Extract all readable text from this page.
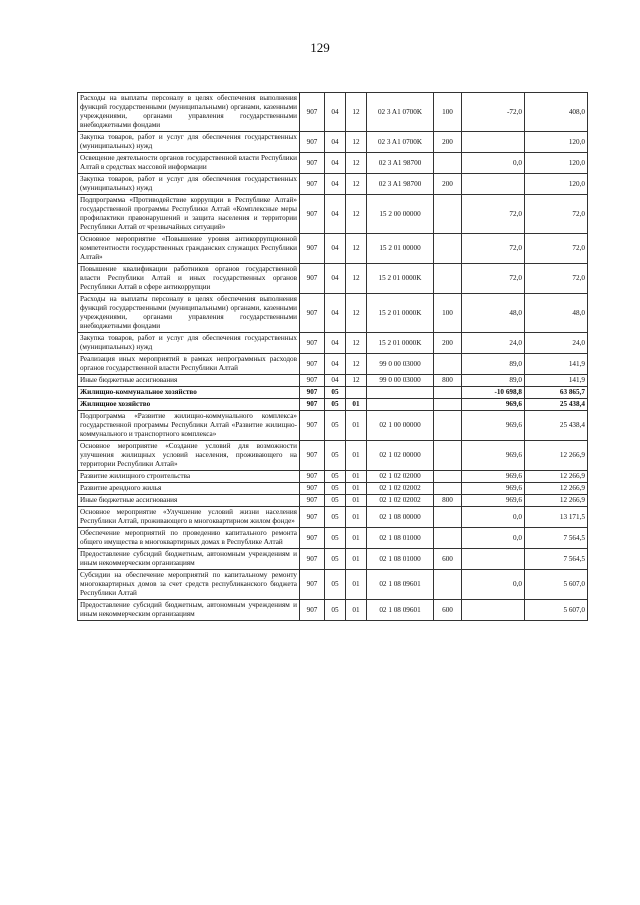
129
Расходы на выплаты персоналу в целях обеспечения выполнения функций государственными (муниципальными) органами, казенными учреждениями, органами управления государственными внебюджетными фондами	907	04	12	02 3 A1 0700K	100	-72,0	408,0
Закупка товаров, работ и услуг для обеспечения государственных (муниципальных) нужд	907	04	12	02 3 A1 0700K	200		120,0
Освещение деятельности органов государственной власти Республики Алтай в средствах массовой информации	907	04	12	02 3 A1 98700		0,0	120,0
Закупка товаров, работ и услуг для обеспечения государственных (муниципальных) нужд	907	04	12	02 3 A1 98700	200		120,0
Подпрограмма «Противодействие коррупции в Республике Алтай» государственной программы Республики Алтай «Комплексные меры профилактики правонарушений и защита населения и территории Республики Алтай от чрезвычайных ситуаций»	907	04	12	15 2 00 00000		72,0	72,0
Основное мероприятие «Повышение уровня антикоррупционной компетентности государственных гражданских служащих Республики Алтай»	907	04	12	15 2 01 00000		72,0	72,0
Повышение квалификации работников органов государственной власти Республики Алтай и иных государственных органов Республики Алтай в сфере антикоррупции	907	04	12	15 2 01 0000K		72,0	72,0
Расходы на выплаты персоналу в целях обеспечения выполнения функций государственными (муниципальными) органами, казенными учреждениями, органами управления государственными внебюджетными фондами	907	04	12	15 2 01 0000K	100	48,0	48,0
Закупка товаров, работ и услуг для обеспечения государственных (муниципальных) нужд	907	04	12	15 2 01 0000K	200	24,0	24,0
Реализация иных мероприятий в рамках непрограммных расходов органов государственной власти Республики Алтай	907	04	12	99 0 00 03000		89,0	141,9
Иные бюджетные ассигнования	907	04	12	99 0 00 03000	800	89,0	141,9
Жилищно-коммунальное хозяйство	907	05				-10 698,8	63 865,7
Жилищное хозяйство	907	05	01			969,6	25 438,4
Подпрограмма «Развитие жилищно-коммунального комплекса» государственной программы Республики Алтай «Развитие жилищно-коммунального и транспортного комплекса»	907	05	01	02 1 00 00000		969,6	25 438,4
Основное мероприятие «Создание условий для возможности улучшения жилищных условий населения, проживающего на территории Республики Алтай»	907	05	01	02 1 02 00000		969,6	12 266,9
Развитие жилищного строительства	907	05	01	02 1 02 02000		969,6	12 266,9
Развитие арендного жилья	907	05	01	02 1 02 02002		969,6	12 266,9
Иные бюджетные ассигнования	907	05	01	02 1 02 02002	800	969,6	12 266,9
Основное мероприятие «Улучшение условий жизни населения Республики Алтай, проживающего в многоквартирном жилом фонде»	907	05	01	02 1 08 00000		0,0	13 171,5
Обеспечение мероприятий по проведению капитального ремонта общего имущества в многоквартирных домах в Республике Алтай	907	05	01	02 1 08 01000		0,0	7 564,5
Предоставление субсидий бюджетным, автономным учреждениям и иным некоммерческим организациям	907	05	01	02 1 08 01000	600		7 564,5
Субсидии на обеспечение мероприятий по капитальному ремонту многоквартирных домов за счет средств республиканского бюджета Республики Алтай	907	05	01	02 1 08 09601		0,0	5 607,0
Предоставление субсидий бюджетным, автономным учреждениям и иным некоммерческим организациям	907	05	01	02 1 08 09601	600		5 607,0
